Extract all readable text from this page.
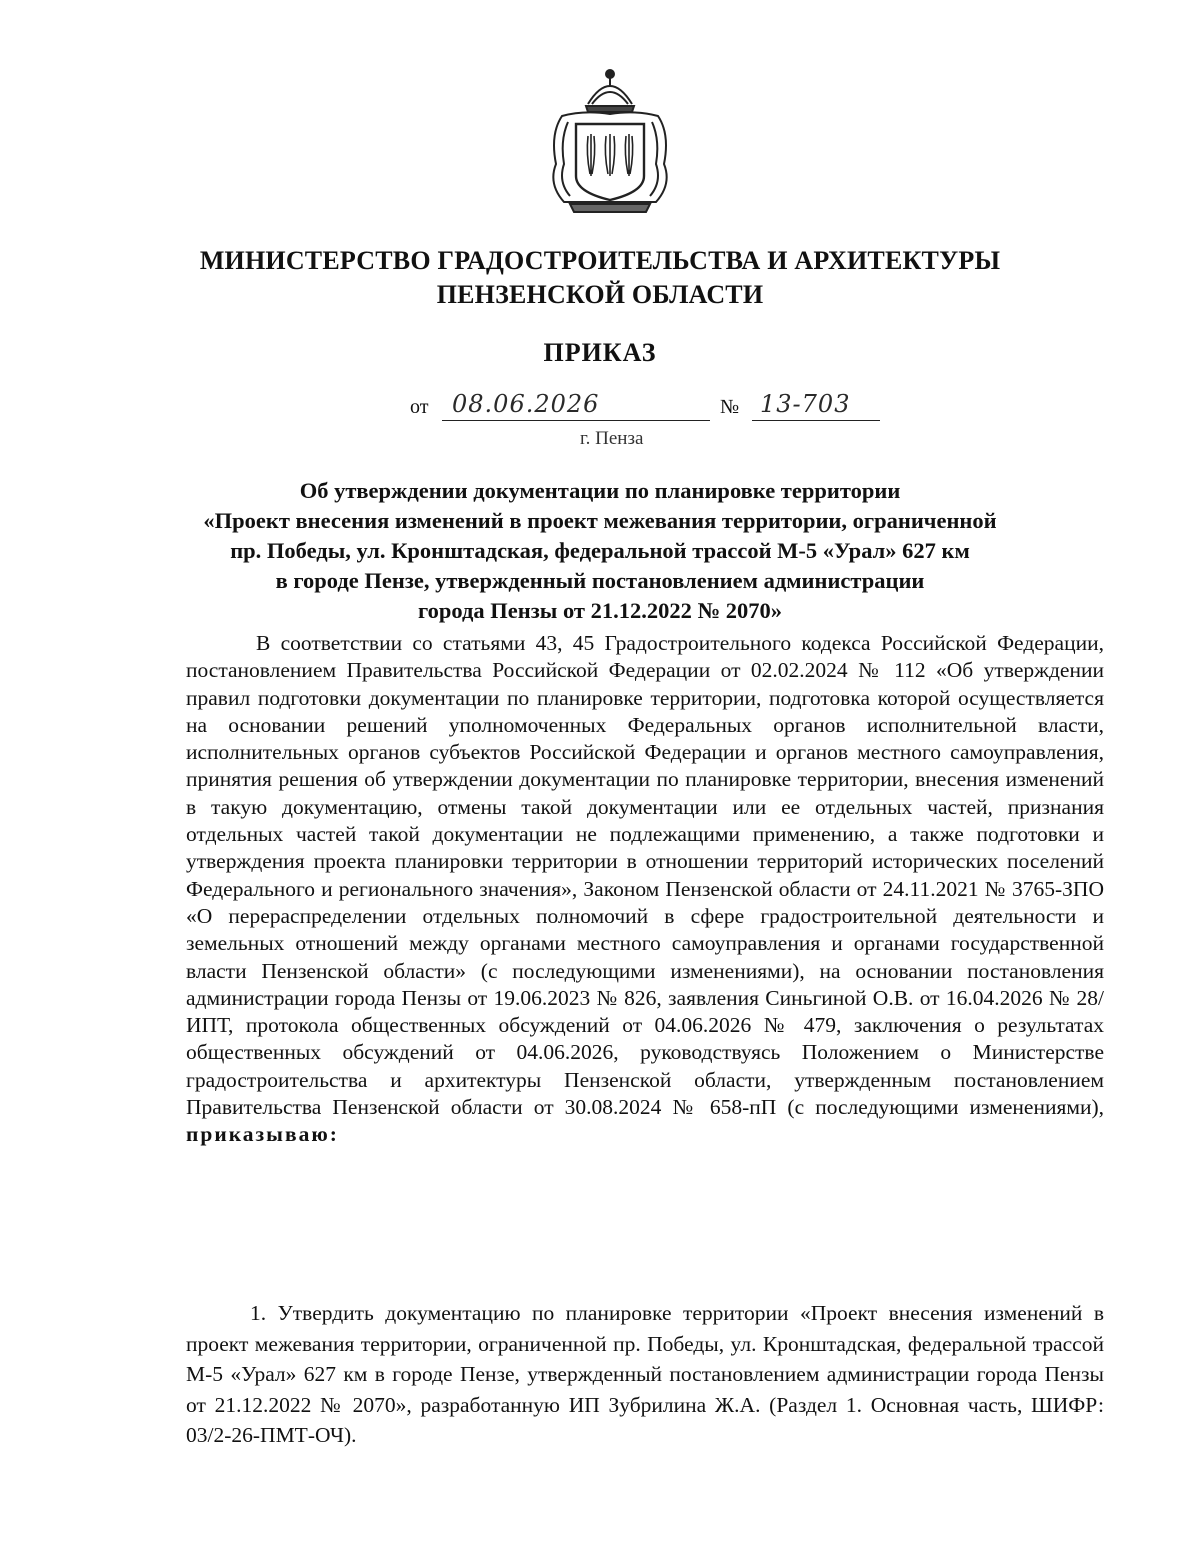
МИНИСТЕРСТВО ГРАДОСТРОИТЕЛЬСТВА И АРХИТЕКТУРЫ
ПЕНЗЕНСКОЙ ОБЛАСТИ
ПРИКАЗ
от 08.06.2026	№ 13-703
г. Пенза
Об утверждении документации по планировке территории
«Проект внесения изменений в проект межевания территории, ограниченной
пр. Победы, ул. Кронштадская, федеральной трассой М-5 «Урал» 627 км
в городе Пензе, утвержденный постановлением администрации
города Пензы от 21.12.2022 № 2070»

В соответствии со статьями 43, 45 Градостроительного кодекса Российской Федерации, постановлением Правительства Российской Федерации от 02.02.2024 № 112 «Об утверждении правил подготовки документации по планировке территории, подготовка которой осуществляется на основании решений уполномоченных Федеральных органов исполнительной власти, исполнительных органов субъектов Российской Федерации и органов местного самоуправления, принятия решения об утверждении документации по планировке территории, внесения изменений в такую документацию, отмены такой документации или ее отдельных частей, признания отдельных частей такой документации не подлежащими применению, а также подготовки и утверждения проекта планировки территории в отношении территорий исторических поселений Федерального и регионального значения», Законом Пензенской области от 24.11.2021 № 3765-ЗПО «О перераспределении отдельных полномочий в сфере градостроительной деятельности и земельных отношений между органами местного самоуправления и органами государственной власти Пензенской области» (с последующими изменениями), на основании постановления администрации города Пензы от 19.06.2023 № 826, заявления Синьгиной О.В. от 16.04.2026 № 28/ИПТ, протокола общественных обсуждений от 04.06.2026 № 479, заключения о результатах общественных обсуждений от 04.06.2026, руководствуясь Положением о Министерстве градостроительства и архитектуры Пензенской области, утвержденным постановлением Правительства Пензенской области от 30.08.2024 № 658-пП (с последующими изменениями), приказываю:

1. Утвердить документацию по планировке территории «Проект внесения изменений в проект межевания территории, ограниченной пр. Победы, ул. Кронштадская, федеральной трассой М-5 «Урал» 627 км в городе Пензе, утвержденный постановлением администрации города Пензы от 21.12.2022 № 2070», разработанную ИП Зубрилина Ж.А. (Раздел 1. Основная часть, ШИФР: 03/2-26-ПМТ-ОЧ).
